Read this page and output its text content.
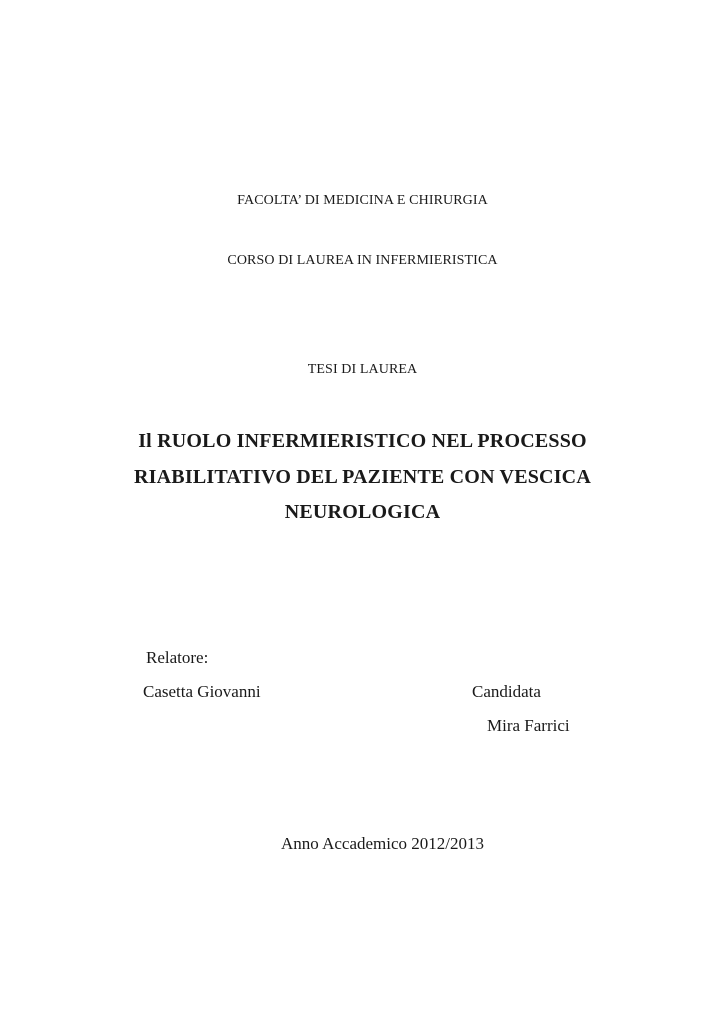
FACOLTA’ DI MEDICINA E CHIRURGIA
CORSO DI LAUREA IN INFERMIERISTICA
TESI DI LAUREA
Il RUOLO INFERMIERISTICO NEL PROCESSO
RIABILITATIVO DEL PAZIENTE CON VESCICA
NEUROLOGICA
Relatore:
Casetta Giovanni	Candidata
Mira Farrici
Anno Accademico 2012/2013
